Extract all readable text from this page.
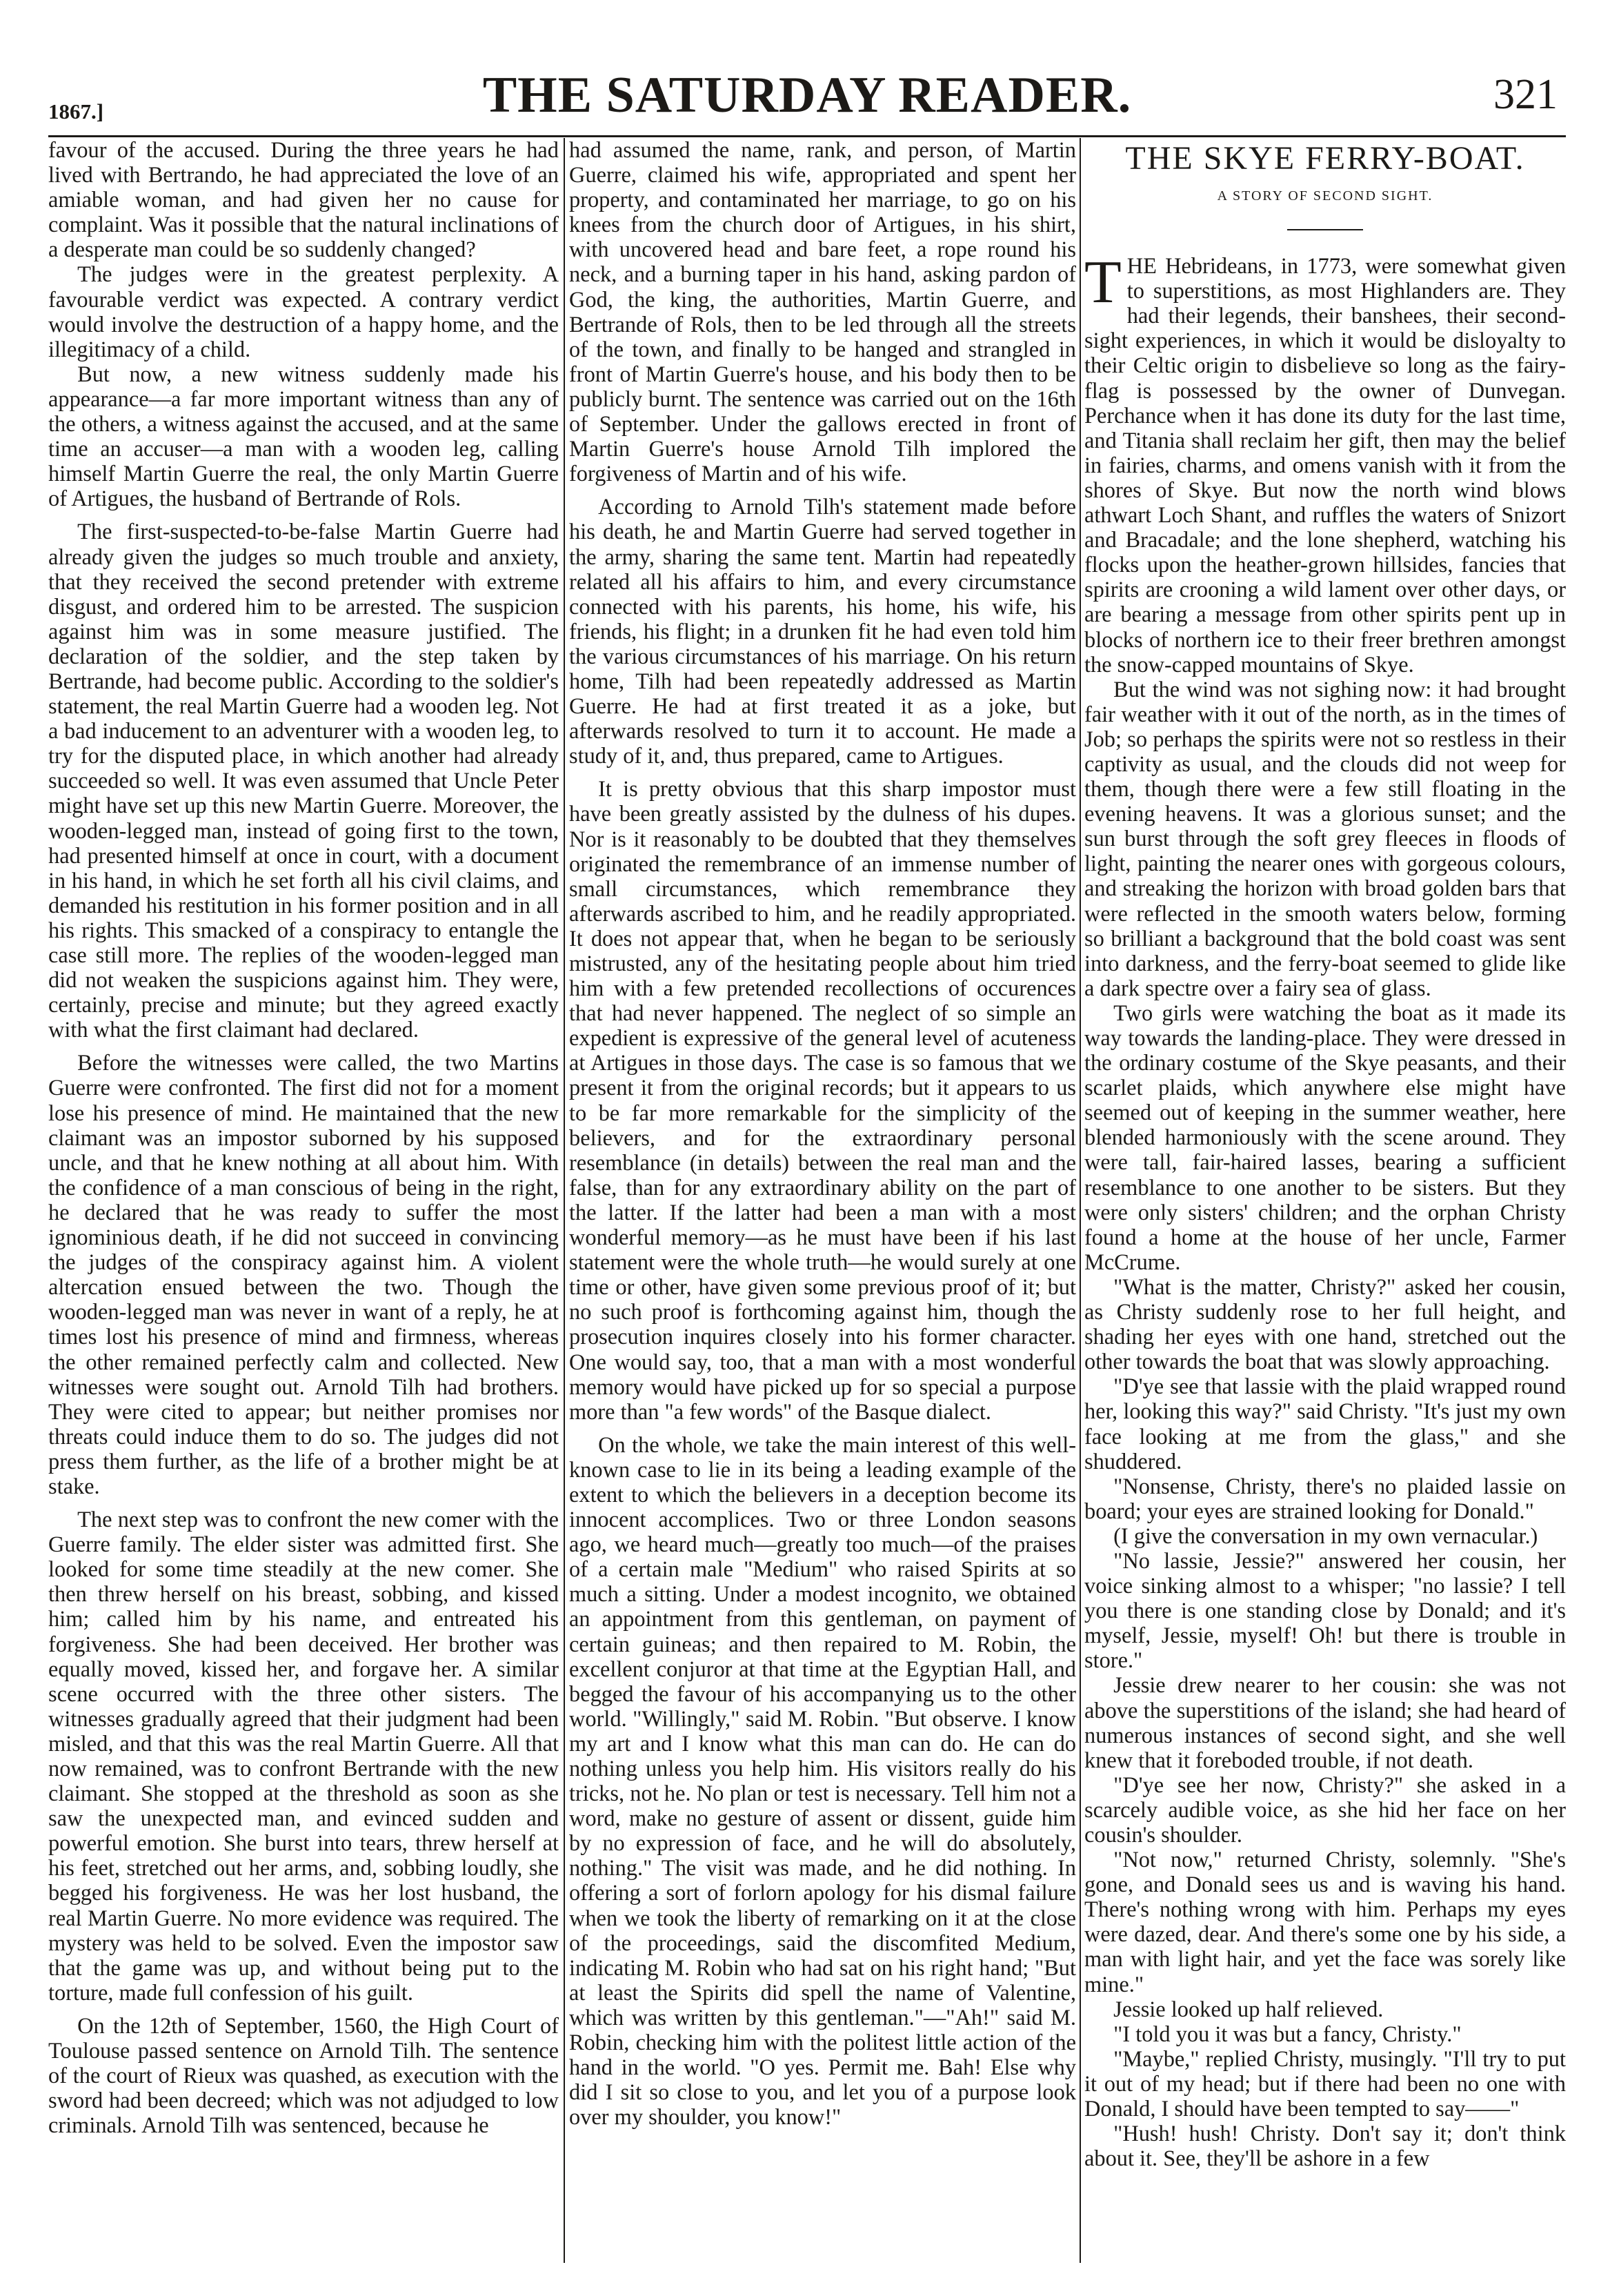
1867.]	THE SATURDAY READER.	321

favour of the accused. During the three years he had lived with Bertrando, he had appreciated the love of an amiable woman, and had given her no cause for complaint. Was it possible that the natural inclinations of a desperate man could be so suddenly changed?

The judges were in the greatest perplexity. A favourable verdict was expected. A contrary verdict would involve the destruction of a happy home, and the illegitimacy of a child.

But now, a new witness suddenly made his appearance—a far more important witness than any of the others, a witness against the accused, and at the same time an accuser—a man with a wooden leg, calling himself Martin Guerre the real, the only Martin Guerre of Artigues, the husband of Bertrande of Rols.

The first-suspected-to-be-false Martin Guerre had already given the judges so much trouble and anxiety, that they received the second pretender with extreme disgust, and ordered him to be arrested. The suspicion against him was in some measure justified. The declaration of the soldier, and the step taken by Bertrande, had become public. According to the soldier's statement, the real Martin Guerre had a wooden leg. Not a bad inducement to an adventurer with a wooden leg, to try for the disputed place, in which another had already succeeded so well. It was even assumed that Uncle Peter might have set up this new Martin Guerre. Moreover, the wooden-legged man, instead of going first to the town, had presented himself at once in court, with a document in his hand, in which he set forth all his civil claims, and demanded his restitution in his former position and in all his rights. This smacked of a conspiracy to entangle the case still more. The replies of the wooden-legged man did not weaken the suspicions against him. They were, certainly, precise and minute; but they agreed exactly with what the first claimant had declared.

Before the witnesses were called, the two Martins Guerre were confronted. The first did not for a moment lose his presence of mind. He maintained that the new claimant was an impostor suborned by his supposed uncle, and that he knew nothing at all about him. With the confidence of a man conscious of being in the right, he declared that he was ready to suffer the most ignominious death, if he did not succeed in convincing the judges of the conspiracy against him. A violent altercation ensued between the two. Though the wooden-legged man was never in want of a reply, he at times lost his presence of mind and firmness, whereas the other remained perfectly calm and collected. New witnesses were sought out. Arnold Tilh had brothers. They were cited to appear; but neither promises nor threats could induce them to do so. The judges did not press them further, as the life of a brother might be at stake.

The next step was to confront the new comer with the Guerre family. The elder sister was admitted first. She looked for some time steadily at the new comer. She then threw herself on his breast, sobbing, and kissed him; called him by his name, and entreated his forgiveness. She had been deceived. Her brother was equally moved, kissed her, and forgave her. A similar scene occurred with the three other sisters. The witnesses gradually agreed that their judgment had been misled, and that this was the real Martin Guerre. All that now remained, was to confront Bertrande with the new claimant. She stopped at the threshold as soon as she saw the unexpected man, and evinced sudden and powerful emotion. She burst into tears, threw herself at his feet, stretched out her arms, and, sobbing loudly, she begged his forgiveness. He was her lost husband, the real Martin Guerre. No more evidence was required. The mystery was held to be solved. Even the impostor saw that the game was up, and without being put to the torture, made full confession of his guilt.

On the 12th of September, 1560, the High Court of Toulouse passed sentence on Arnold Tilh. The sentence of the court of Rieux was quashed, as execution with the sword had been decreed; which was not adjudged to low criminals. Arnold Tilh was sentenced, because he

had assumed the name, rank, and person, of Martin Guerre, claimed his wife, appropriated and spent her property, and contaminated her marriage, to go on his knees from the church door of Artigues, in his shirt, with uncovered head and bare feet, a rope round his neck, and a burning taper in his hand, asking pardon of God, the king, the authorities, Martin Guerre, and Bertrande of Rols, then to be led through all the streets of the town, and finally to be hanged and strangled in front of Martin Guerre's house, and his body then to be publicly burnt. The sentence was carried out on the 16th of September. Under the gallows erected in front of Martin Guerre's house Arnold Tilh implored the forgiveness of Martin and of his wife.

According to Arnold Tilh's statement made before his death, he and Martin Guerre had served together in the army, sharing the same tent. Martin had repeatedly related all his affairs to him, and every circumstance connected with his parents, his home, his wife, his friends, his flight; in a drunken fit he had even told him the various circumstances of his marriage. On his return home, Tilh had been repeatedly addressed as Martin Guerre. He had at first treated it as a joke, but afterwards resolved to turn it to account. He made a study of it, and, thus prepared, came to Artigues.

It is pretty obvious that this sharp impostor must have been greatly assisted by the dulness of his dupes. Nor is it reasonably to be doubted that they themselves originated the remembrance of an immense number of small circumstances, which remembrance they afterwards ascribed to him, and he readily appropriated. It does not appear that, when he began to be seriously mistrusted, any of the hesitating people about him tried him with a few pretended recollections of occurences that had never happened. The neglect of so simple an expedient is expressive of the general level of acuteness at Artigues in those days. The case is so famous that we present it from the original records; but it appears to us to be far more remarkable for the simplicity of the believers, and for the extraordinary personal resemblance (in details) between the real man and the false, than for any extraordinary ability on the part of the latter. If the latter had been a man with a most wonderful memory—as he must have been if his last statement were the whole truth—he would surely at one time or other, have given some previous proof of it; but no such proof is forthcoming against him, though the prosecution inquires closely into his former character. One would say, too, that a man with a most wonderful memory would have picked up for so special a purpose more than "a few words" of the Basque dialect.

On the whole, we take the main interest of this well-known case to lie in its being a leading example of the extent to which the believers in a deception become its innocent accomplices. Two or three London seasons ago, we heard much—greatly too much—of the praises of a certain male "Medium" who raised Spirits at so much a sitting. Under a modest incognito, we obtained an appointment from this gentleman, on payment of certain guineas; and then repaired to M. Robin, the excellent conjuror at that time at the Egyptian Hall, and begged the favour of his accompanying us to the other world. "Willingly," said M. Robin. "But observe. I know my art and I know what this man can do. He can do nothing unless you help him. His visitors really do his tricks, not he. No plan or test is necessary. Tell him not a word, make no gesture of assent or dissent, guide him by no expression of face, and he will do absolutely, nothing." The visit was made, and he did nothing. In offering a sort of forlorn apology for his dismal failure when we took the liberty of remarking on it at the close of the proceedings, said the discomfited Medium, indicating M. Robin who had sat on his right hand; "But at least the Spirits did spell the name of Valentine, which was written by this gentleman."—"Ah!" said M. Robin, checking him with the politest little action of the hand in the world. "O yes. Permit me. Bah! Else why did I sit so close to you, and let you of a purpose look over my shoulder, you know!"

THE SKYE FERRY-BOAT.
A STORY OF SECOND SIGHT.

THE Hebrideans, in 1773, were somewhat given to superstitions, as most Highlanders are. They had their legends, their banshees, their second-sight experiences, in which it would be disloyalty to their Celtic origin to disbelieve so long as the fairy-flag is possessed by the owner of Dunvegan. Perchance when it has done its duty for the last time, and Titania shall reclaim her gift, then may the belief in fairies, charms, and omens vanish with it from the shores of Skye. But now the north wind blows athwart Loch Shant, and ruffles the waters of Snizort and Bracadale; and the lone shepherd, watching his flocks upon the heather-grown hillsides, fancies that spirits are crooning a wild lament over other days, or are bearing a message from other spirits pent up in blocks of northern ice to their freer brethren amongst the snow-capped mountains of Skye.

But the wind was not sighing now: it had brought fair weather with it out of the north, as in the times of Job; so perhaps the spirits were not so restless in their captivity as usual, and the clouds did not weep for them, though there were a few still floating in the evening heavens. It was a glorious sunset; and the sun burst through the soft grey fleeces in floods of light, painting the nearer ones with gorgeous colours, and streaking the horizon with broad golden bars that were reflected in the smooth waters below, forming so brilliant a background that the bold coast was sent into darkness, and the ferry-boat seemed to glide like a dark spectre over a fairy sea of glass.

Two girls were watching the boat as it made its way towards the landing-place. They were dressed in the ordinary costume of the Skye peasants, and their scarlet plaids, which anywhere else might have seemed out of keeping in the summer weather, here blended harmoniously with the scene around. They were tall, fair-haired lasses, bearing a sufficient resemblance to one another to be sisters. But they were only sisters' children; and the orphan Christy found a home at the house of her uncle, Farmer McCrume.

"What is the matter, Christy?" asked her cousin, as Christy suddenly rose to her full height, and shading her eyes with one hand, stretched out the other towards the boat that was slowly approaching.

"D'ye see that lassie with the plaid wrapped round her, looking this way?" said Christy. "It's just my own face looking at me from the glass," and she shuddered.

"Nonsense, Christy, there's no plaided lassie on board; your eyes are strained looking for Donald."

(I give the conversation in my own vernacular.)

"No lassie, Jessie?" answered her cousin, her voice sinking almost to a whisper; "no lassie? I tell you there is one standing close by Donald; and it's myself, Jessie, myself! Oh! but there is trouble in store."

Jessie drew nearer to her cousin: she was not above the superstitions of the island; she had heard of numerous instances of second sight, and she well knew that it foreboded trouble, if not death.

"D'ye see her now, Christy?" she asked in a scarcely audible voice, as she hid her face on her cousin's shoulder.

"Not now," returned Christy, solemnly. "She's gone, and Donald sees us and is waving his hand. There's nothing wrong with him. Perhaps my eyes were dazed, dear. And there's some one by his side, a man with light hair, and yet the face was sorely like mine."

Jessie looked up half relieved.

"I told you it was but a fancy, Christy."

"Maybe," replied Christy, musingly. "I'll try to put it out of my head; but if there had been no one with Donald, I should have been tempted to say——"

"Hush! hush! Christy. Don't say it; don't think about it. See, they'll be ashore in a few
